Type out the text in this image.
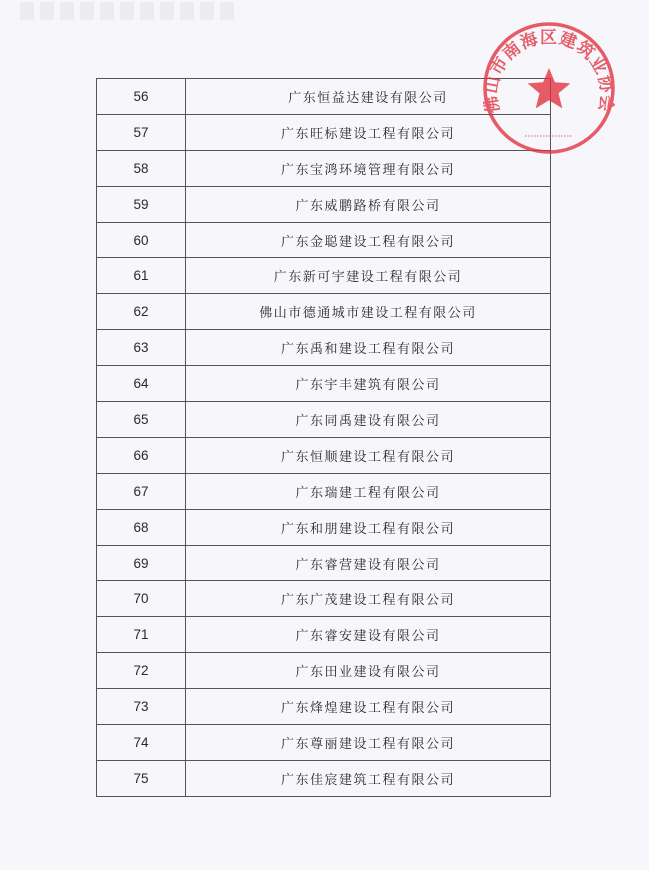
56	广东恒益达建设有限公司
57	广东旺标建设工程有限公司
58	广东宝鸿环境管理有限公司
59	广东威鹏路桥有限公司
60	广东金聪建设工程有限公司
61	广东新可宇建设工程有限公司
62	佛山市德通城市建设工程有限公司
63	广东禹和建设工程有限公司
64	广东宇丰建筑有限公司
65	广东同禹建设有限公司
66	广东恒顺建设工程有限公司
67	广东瑞建工程有限公司
68	广东和朋建设工程有限公司
69	广东睿营建设有限公司
70	广东广茂建设工程有限公司
71	广东睿安建设有限公司
72	广东田业建设有限公司
73	广东烽煌建设工程有限公司
74	广东尊丽建设工程有限公司
75	广东佳宸建筑工程有限公司
佛山市南海区建筑业协会
